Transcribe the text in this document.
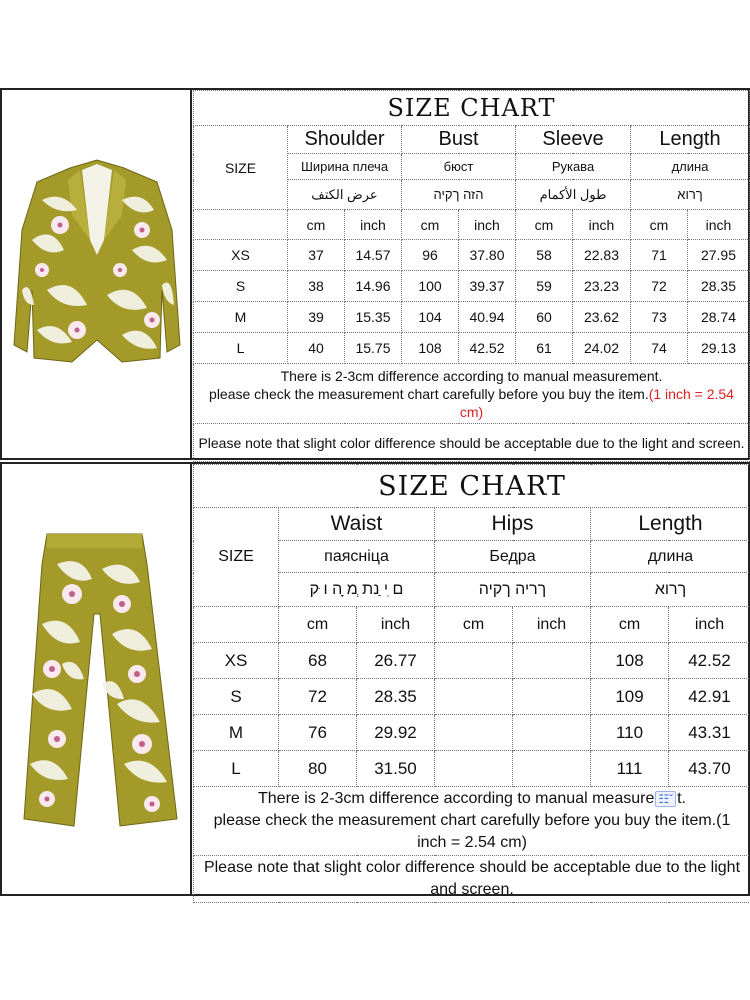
SIZE CHART								
SIZE	Shoulder		Bust		Sleeve		Length	
	Ширина плеча		бюст		Рукава		длина	
	عرض الكتف		הזה ךקיה		طول الأكمام		ךרוא	
	cm	inch	cm	inch	cm	inch	cm	inch
XS	37	14.57	96	37.80	58	22.83	71	27.95
S	38	14.96	100	39.37	59	23.23	72	28.35
M	39	15.35	104	40.94	60	23.62	73	28.74
L	40	15.75	108	42.52	61	24.02	74	29.13
There is 2-3cm difference according to manual measurement.
please check the measurement chart carefully before you buy the item.(1 inch = 2.54 cm)								
Please note that slight color difference should be acceptable due to the light and screen.								
SIZE CHART						
SIZE	Waist		Hips		Length	
	паясніца		Бедра		длина	
	ם ִי ַנת ְמ ָה ו ּק		ךריה ךקיה		ךרוא	
	cm	inch	cm	inch	cm	inch
XS	68	26.77			108	42.52
S	72	28.35			109	42.91
M	76	29.92			110	43.31
L	80	31.50			111	43.70
There is 2-3cm difference according to manual measure ☷ˇ t.
please check the measurement chart carefully before you buy the item.(1 inch = 2.54 cm)						
Please note that slight color difference should be acceptable due to the light and screen.						
